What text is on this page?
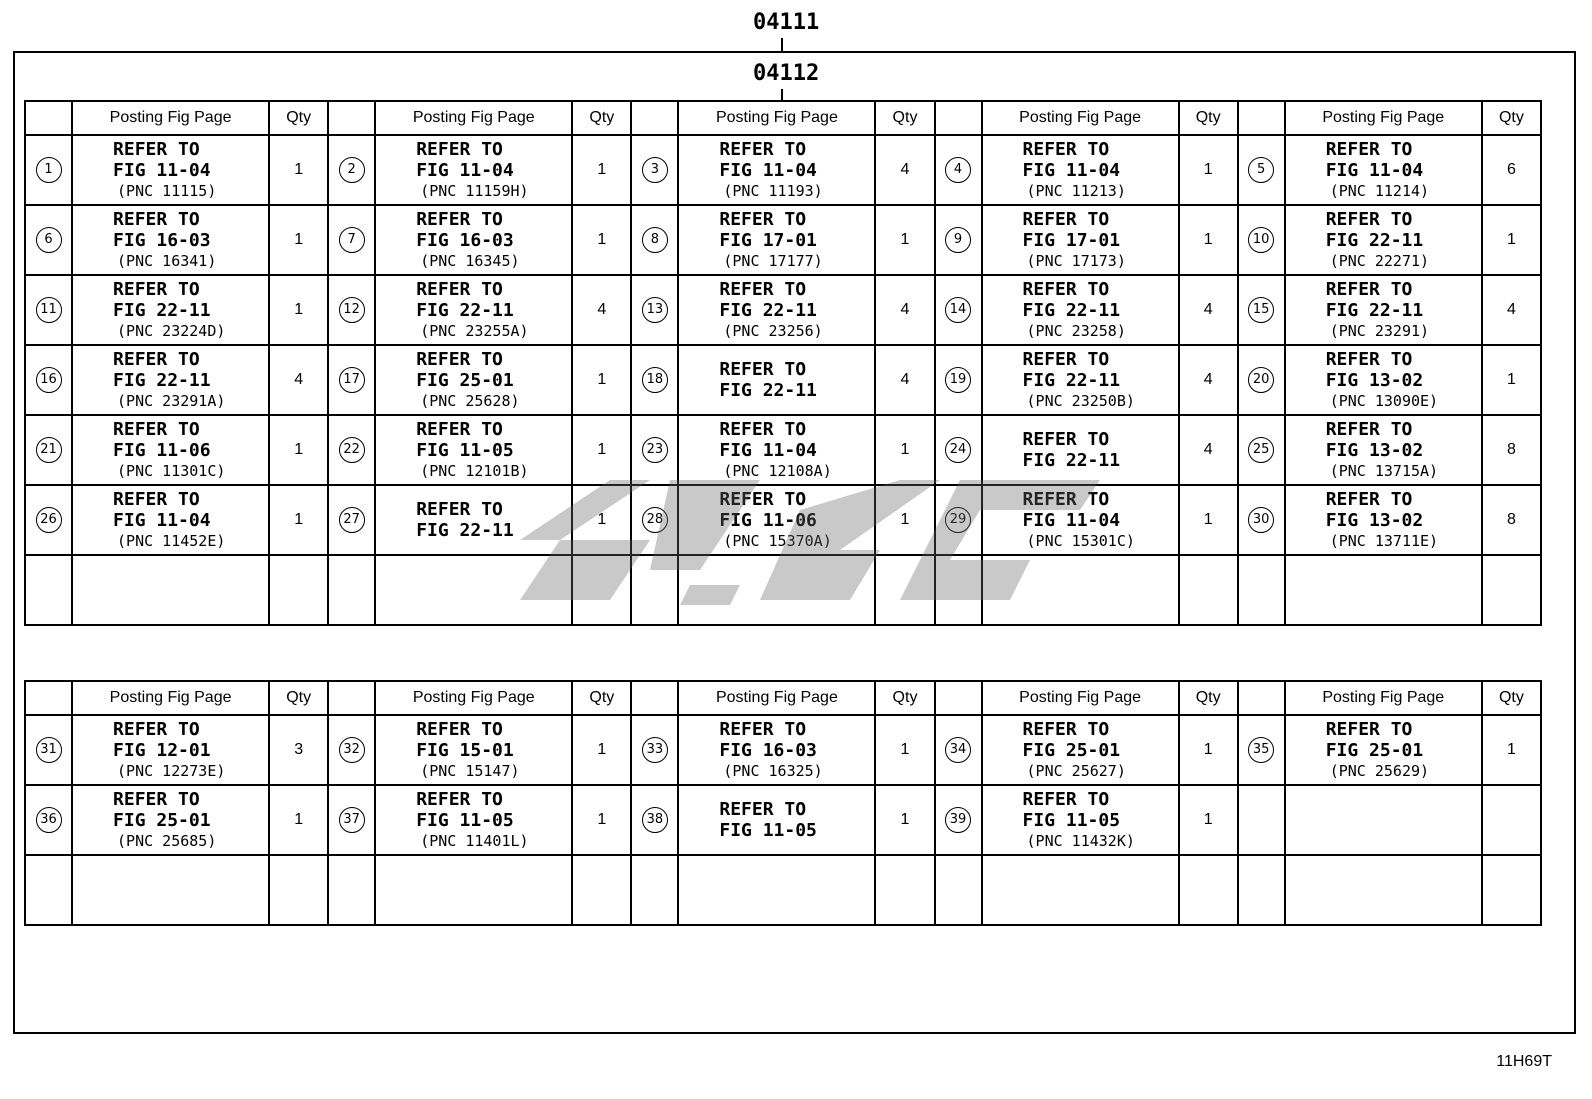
04111
04112
	Posting Fig Page	Qty		Posting Fig Page	Qty		Posting Fig Page	Qty		Posting Fig Page	Qty		Posting Fig Page	Qty
1	REFER TO
FIG 11-04
(PNC 11115)	1	2	REFER TO
FIG 11-04
(PNC 11159H)	1	3	REFER TO
FIG 11-04
(PNC 11193)	4	4	REFER TO
FIG 11-04
(PNC 11213)	1	5	REFER TO
FIG 11-04
(PNC 11214)	6
6	REFER TO
FIG 16-03
(PNC 16341)	1	7	REFER TO
FIG 16-03
(PNC 16345)	1	8	REFER TO
FIG 17-01
(PNC 17177)	1	9	REFER TO
FIG 17-01
(PNC 17173)	1	10	REFER TO
FIG 22-11
(PNC 22271)	1
11	REFER TO
FIG 22-11
(PNC 23224D)	1	12	REFER TO
FIG 22-11
(PNC 23255A)	4	13	REFER TO
FIG 22-11
(PNC 23256)	4	14	REFER TO
FIG 22-11
(PNC 23258)	4	15	REFER TO
FIG 22-11
(PNC 23291)	4
16	REFER TO
FIG 22-11
(PNC 23291A)	4	17	REFER TO
FIG 25-01
(PNC 25628)	1	18	REFER TO
FIG 22-11	4	19	REFER TO
FIG 22-11
(PNC 23250B)	4	20	REFER TO
FIG 13-02
(PNC 13090E)	1
21	REFER TO
FIG 11-06
(PNC 11301C)	1	22	REFER TO
FIG 11-05
(PNC 12101B)	1	23	REFER TO
FIG 11-04
(PNC 12108A)	1	24	REFER TO
FIG 22-11	4	25	REFER TO
FIG 13-02
(PNC 13715A)	8
26	REFER TO
FIG 11-04
(PNC 11452E)	1	27	REFER TO
FIG 22-11	1	28	REFER TO
FIG 11-06
(PNC 15370A)	1	29	REFER TO
FIG 11-04
(PNC 15301C)	1	30	REFER TO
FIG 13-02
(PNC 13711E)	8

	Posting Fig Page	Qty		Posting Fig Page	Qty		Posting Fig Page	Qty		Posting Fig Page	Qty		Posting Fig Page	Qty
31	REFER TO
FIG 12-01
(PNC 12273E)	3	32	REFER TO
FIG 15-01
(PNC 15147)	1	33	REFER TO
FIG 16-03
(PNC 16325)	1	34	REFER TO
FIG 25-01
(PNC 25627)	1	35	REFER TO
FIG 25-01
(PNC 25629)	1
36	REFER TO
FIG 25-01
(PNC 25685)	1	37	REFER TO
FIG 11-05
(PNC 11401L)	1	38	REFER TO
FIG 11-05	1	39	REFER TO
FIG 11-05
(PNC 11432K)	1			

11H69T
